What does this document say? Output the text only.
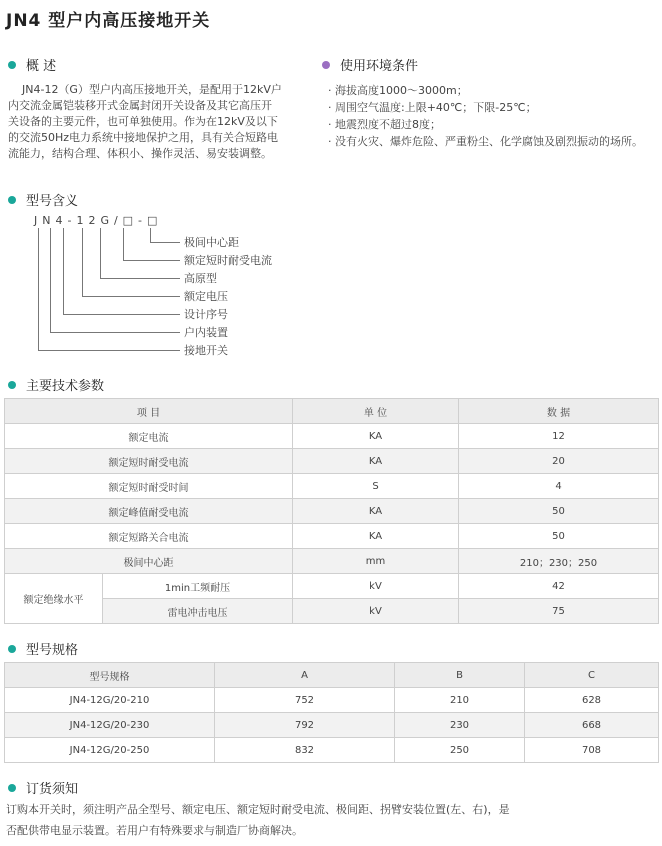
JN4 型户内高压接地开关
概 述
JN4-12（G）型户内高压接地开关，是配用于12kV户
内交流金属铠装移开式金属封闭开关设备及其它高压开
关设备的主要元件，也可单独使用。作为在12kV及以下
的交流50Hz电力系统中接地保护之用，具有关合短路电
流能力，结构合理、体积小、操作灵活、易安装调整。
使用环境条件
· 海拔高度1000～3000m；
· 周围空气温度:上限+40℃；下限-25℃；
· 地震烈度不超过8度；
· 没有火灾、爆炸危险、严重粉尘、化学腐蚀及剧烈振动的场所。
型号含义
JN4-12G/□-□
极间中心距
额定短时耐受电流
高原型
额定电压
设计序号
户内装置
接地开关
主要技术参数
项 目		单 位	数 据
额定电流		KA	12
额定短时耐受电流		KA	20
额定短时耐受时间		S	4
额定峰值耐受电流		KA	50
额定短路关合电流		KA	50
极间中心距		mm	210；230；250
额定绝缘水平	1min工频耐压	kV	42
	雷电冲击电压	kV	75
型号规格
型号规格	A	B	C
JN4-12G/20-210	752	210	628
JN4-12G/20-230	792	230	668
JN4-12G/20-250	832	250	708
订货须知
订购本开关时，须注明产品全型号、额定电压、额定短时耐受电流、极间距、拐臂安装位置(左、右)，是
否配供带电显示装置。若用户有特殊要求与制造厂协商解决。
